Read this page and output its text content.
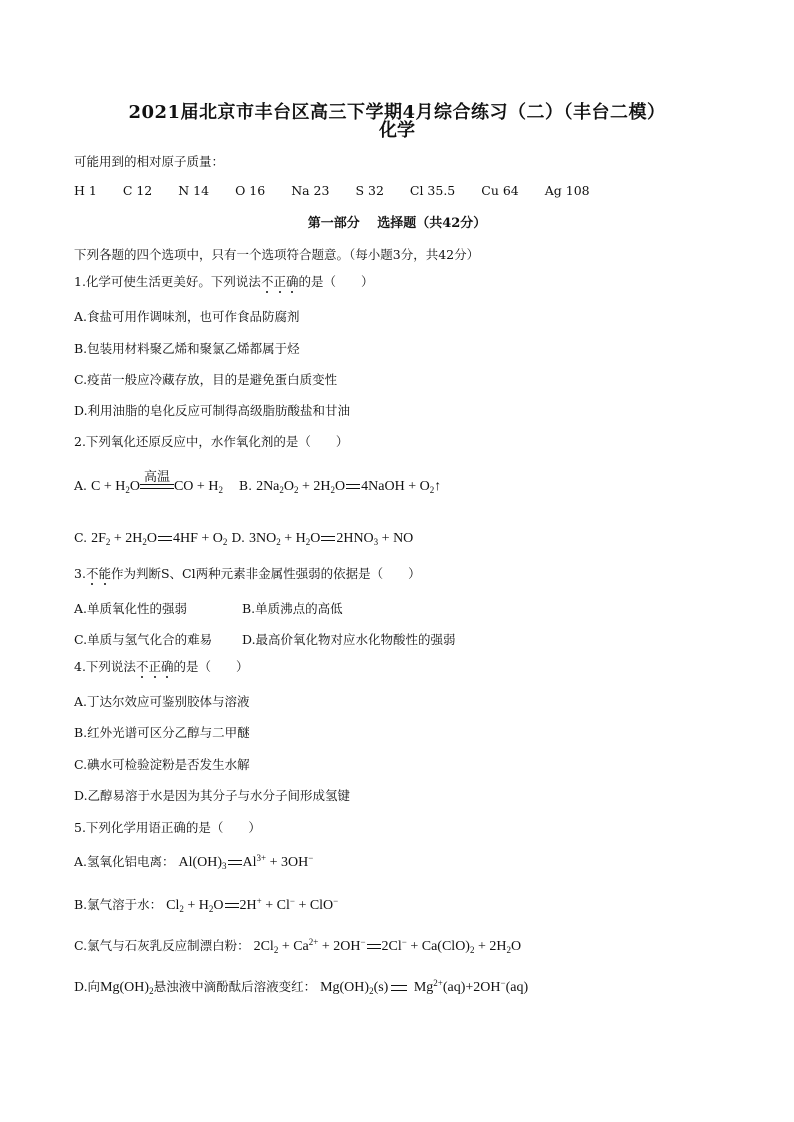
2021届北京市丰台区高三下学期4月综合练习（二）（丰台二模）
化学
可能用到的相对原子质量：
H 1 C 12 N 14 O 16 Na 23 S 32 Cl 35.5 Cu 64 Ag 108
第一部分　 选择题（共42分）
下列各题的四个选项中，只有一个选项符合题意。（每小题3分，共42分）
1.化学可使生活更美好。下列说法不正确的是（　　）
A.食盐可用作调味剂，也可作食品防腐剂
B.包装用材料聚乙烯和聚氯乙烯都属于烃
C.疫苗一般应冷藏存放，目的是避免蛋白质变性
D.利用油脂的皂化反应可制得高级脂肪酸盐和甘油
2.下列氧化还原反应中，水作氧化剂的是（　　）
A. $C + H_2O$
高温
CO + $H_2$ B. $2Na_2O_2 + 2H_2O$ 4NaOH + $O_2↑$
C. $2F_2 + 2H_2O$ $4HF + O_2$ D. $3NO_2 + H_2O$ $2HNO_3$ + NO
3.不能作为判断S、Cl两种元素非金属性强弱的依据是（　　）
A.单质氧化性的强弱	B.单质沸点的高低
C.单质与氢气化合的难易 D.最高价氧化物对应水化物酸性的强弱
4.下列说法不正确的是（　　）
A.丁达尔效应可鉴别胶体与溶液
B.红外光谱可区分乙醇与二甲醚
C.碘水可检验淀粉是否发生水解
D.乙醇易溶于水是因为其分子与水分子间形成氢键
5.下列化学用语正确的是（　　）
A.氢氧化铝电离： $Al(OH)_3$ $Al^{3+} + 3OH^-$
B.氯气溶于水： $Cl_2 + H_2O$ 2H+ + Cl− + ClO−
C.氯气与石灰乳反应制漂白粉： $2Cl_2 + Ca^{2+} + 2OH^-$ $2Cl^- + Ca(ClO)_2 + 2H_2O$
D.向$Mg(OH)_2$悬浊液中滴酚酞后溶液变红： $Mg(OH)_2(s)$ $Mg^{2+}(aq)+2OH^-(aq)$
